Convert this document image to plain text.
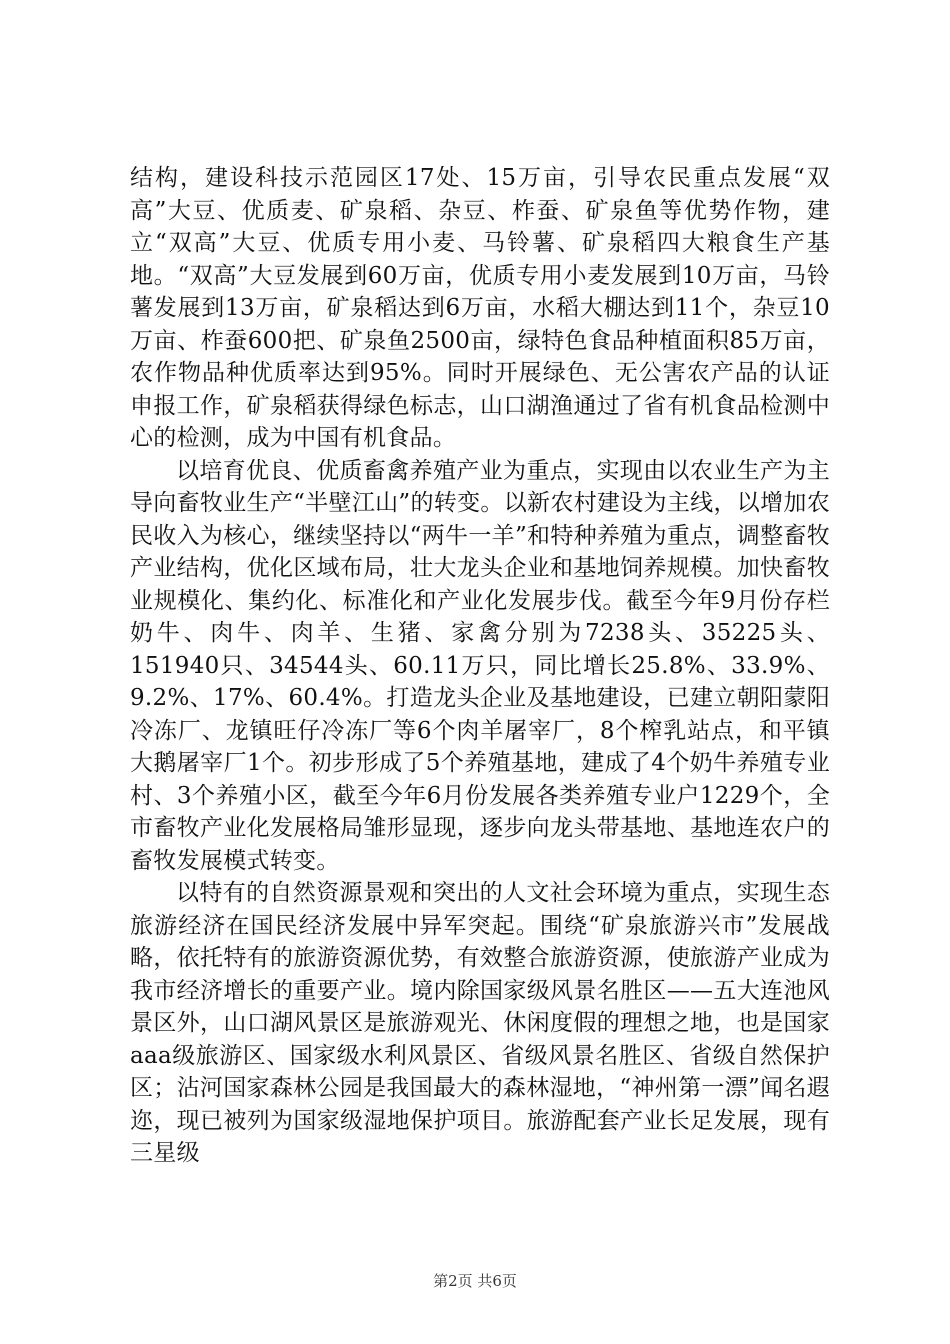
结构，建设科技示范园区17处、15万亩，引导农民重点发展“双高”大豆、优质麦、矿泉稻、杂豆、柞蚕、矿泉鱼等优势作物，建立“双高”大豆、优质专用小麦、马铃薯、矿泉稻四大粮食生产基地。“双高”大豆发展到60万亩，优质专用小麦发展到10万亩，马铃薯发展到13万亩，矿泉稻达到6万亩，水稻大棚达到11个，杂豆10万亩、柞蚕600把、矿泉鱼2500亩，绿特色食品种植面积85万亩，农作物品种优质率达到95%。同时开展绿色、无公害农产品的认证申报工作，矿泉稻获得绿色标志，山口湖渔通过了省有机食品检测中心的检测，成为中国有机食品。

以培育优良、优质畜禽养殖产业为重点，实现由以农业生产为主导向畜牧业生产“半壁江山”的转变。以新农村建设为主线，以增加农民收入为核心，继续坚持以“两牛一羊”和特种养殖为重点，调整畜牧产业结构，优化区域布局，壮大龙头企业和基地饲养规模。加快畜牧业规模化、集约化、标准化和产业化发展步伐。截至今年9月份存栏奶牛、肉牛、肉羊、生猪、家禽分别为7238头、35225头、151940只、34544头、60.11万只，同比增长25.8%、33.9%、9.2%、17%、60.4%。打造龙头企业及基地建设，已建立朝阳蒙阳冷冻厂、龙镇旺仔冷冻厂等6个肉羊屠宰厂，8个榨乳站点，和平镇大鹅屠宰厂1个。初步形成了5个养殖基地，建成了4个奶牛养殖专业村、3个养殖小区，截至今年6月份发展各类养殖专业户1229个，全市畜牧产业化发展格局雏形显现，逐步向龙头带基地、基地连农户的畜牧发展模式转变。

以特有的自然资源景观和突出的人文社会环境为重点，实现生态旅游经济在国民经济发展中异军突起。围绕“矿泉旅游兴市”发展战略，依托特有的旅游资源优势，有效整合旅游资源，使旅游产业成为我市经济增长的重要产业。境内除国家级风景名胜区——五大连池风景区外，山口湖风景区是旅游观光、休闲度假的理想之地，也是国家aaa级旅游区、国家级水利风景区、省级风景名胜区、省级自然保护区；沾河国家森林公园是我国最大的森林湿地，“神州第一漂”闻名遐迩，现已被列为国家级湿地保护项目。旅游配套产业长足发展，现有三星级

第2页 共6页
